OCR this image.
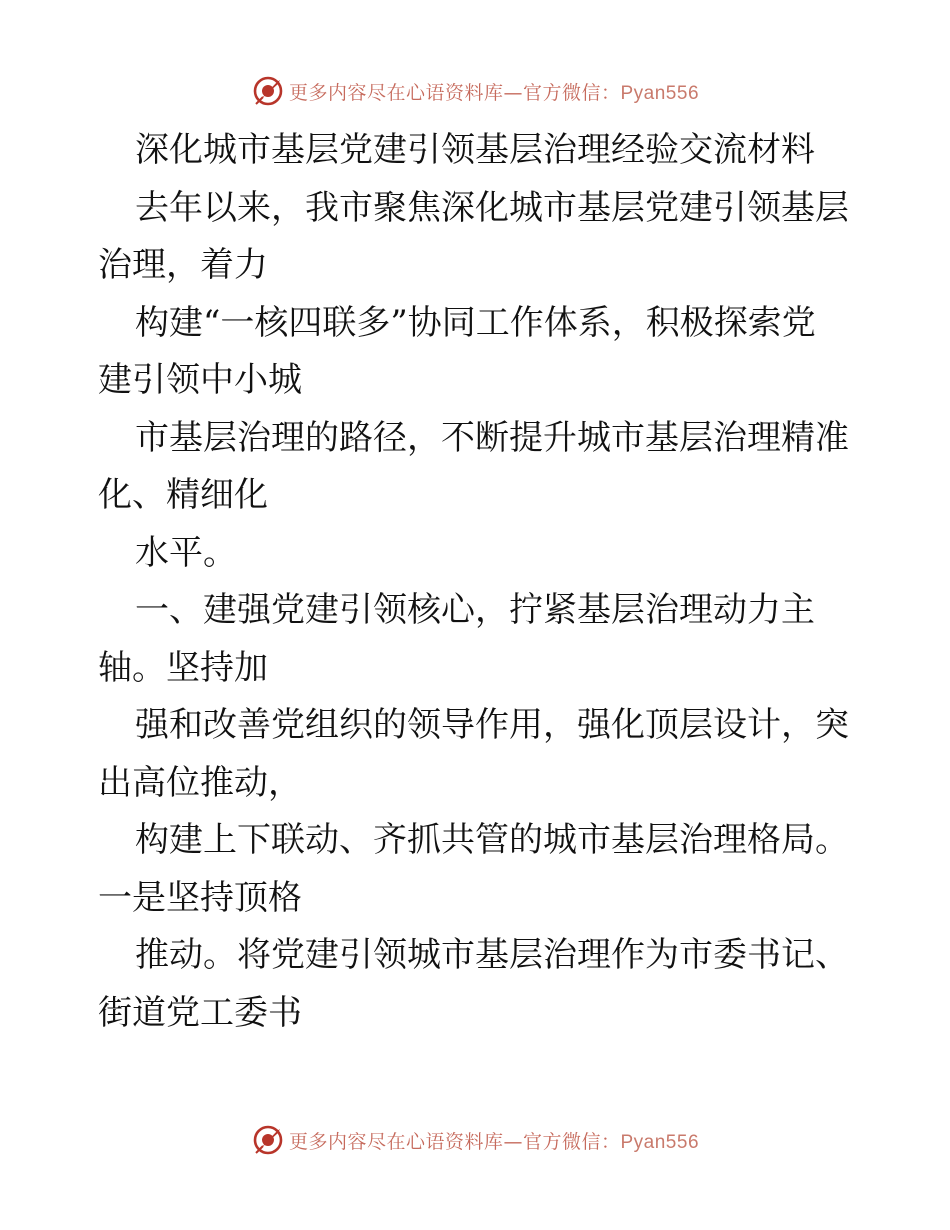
更多内容尽在心语资料库—官方微信：Pyan556
深化城市基层党建引领基层治理经验交流材料
去年以来，我市聚焦深化城市基层党建引领基层
治理，着力
构建“一核四联多”协同工作体系，积极探索党
建引领中小城
市基层治理的路径，不断提升城市基层治理精准
化、精细化
水平。
一、建强党建引领核心，拧紧基层治理动力主
轴。坚持加
强和改善党组织的领导作用，强化顶层设计，突
出高位推动，
构建上下联动、齐抓共管的城市基层治理格局。
一是坚持顶格
推动。将党建引领城市基层治理作为市委书记、
街道党工委书
更多内容尽在心语资料库—官方微信：Pyan556
